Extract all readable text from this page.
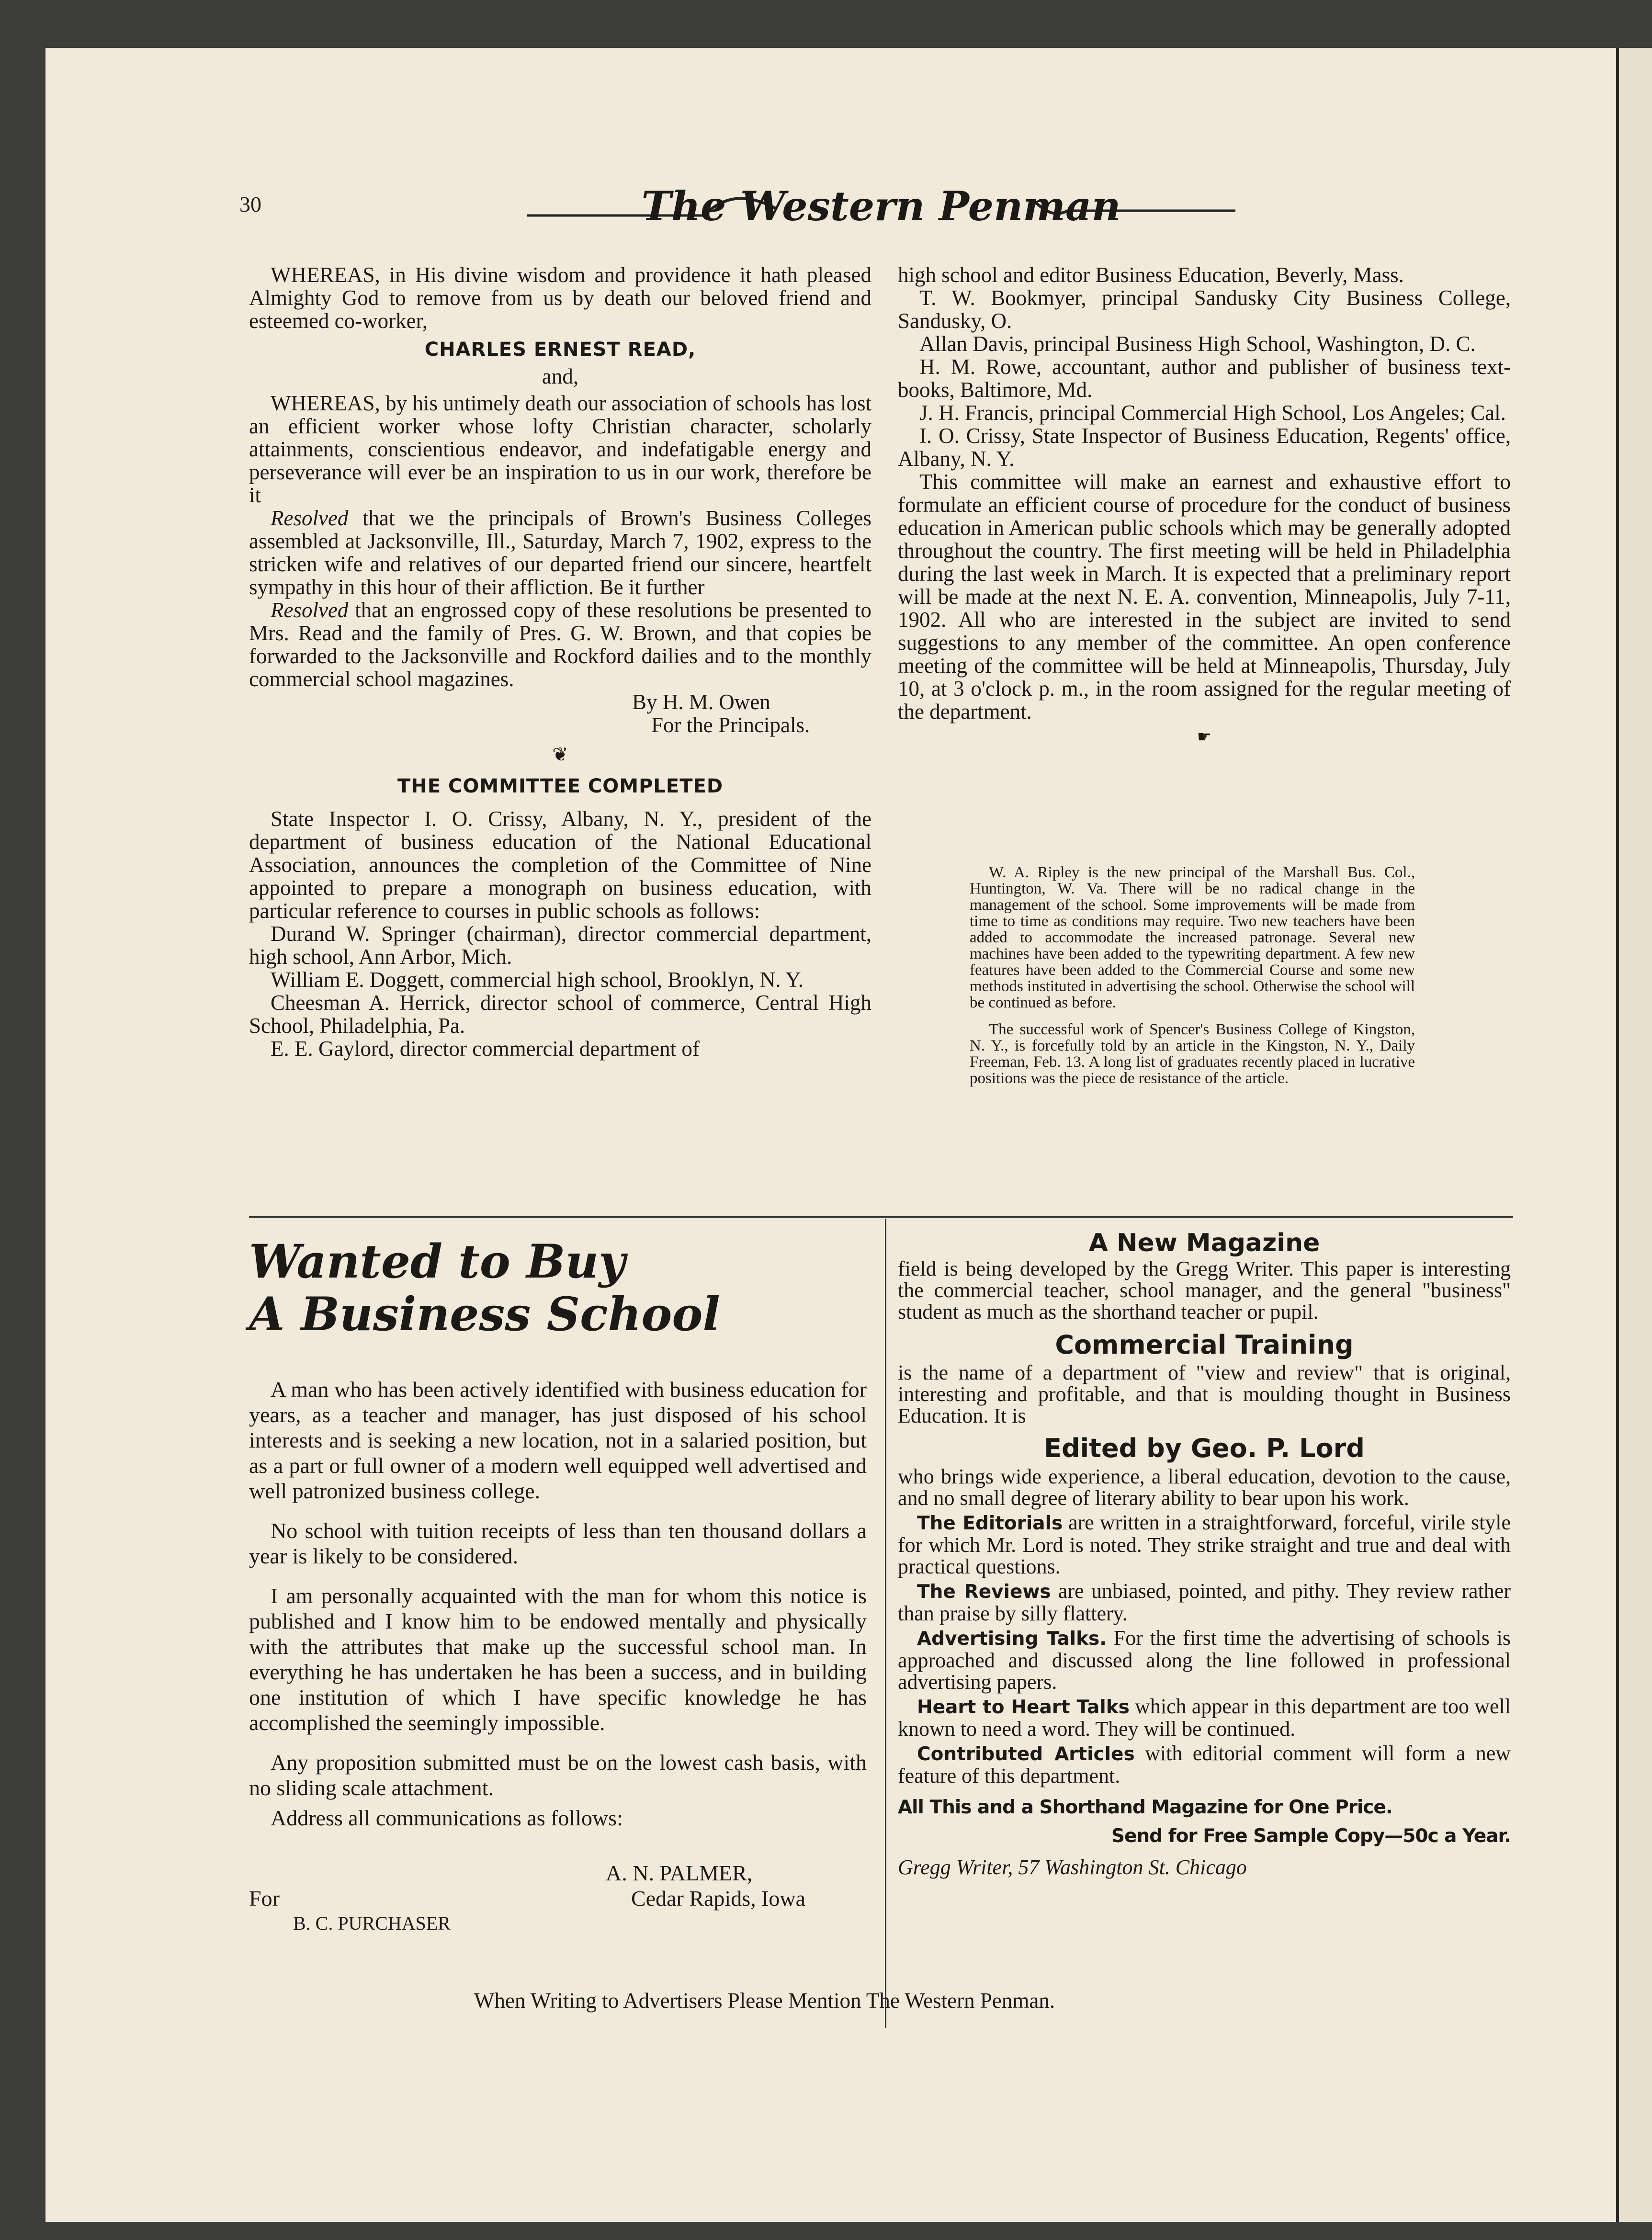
30	The Western Penman

WHEREAS, in His divine wisdom and providence it hath pleased Almighty God to remove from us by death our beloved friend and esteemed co-worker,

CHARLES ERNEST READ,

and,

WHEREAS, by his untimely death our association of schools has lost an efficient worker whose lofty Christian character, scholarly attainments, conscientious endeavor, and indefatigable energy and perseverance will ever be an inspiration to us in our work, therefore be it

Resolved that we the principals of Brown's Business Colleges assembled at Jacksonville, Ill., Saturday, March 7, 1902, express to the stricken wife and relatives of our departed friend our sincere, heartfelt sympathy in this hour of their affliction. Be it further

Resolved that an engrossed copy of these resolutions be presented to Mrs. Read and the family of Pres. G. W. Brown, and that copies be forwarded to the Jacksonville and Rockford dailies and to the monthly commercial school magazines.

By H. M. Owen

For the Principals.

❦

THE COMMITTEE COMPLETED

State Inspector I. O. Crissy, Albany, N. Y., president of the department of business education of the National Educational Association, announces the completion of the Committee of Nine appointed to prepare a monograph on business education, with particular reference to courses in public schools as follows:

Durand W. Springer (chairman), director commercial department, high school, Ann Arbor, Mich.

William E. Doggett, commercial high school, Brooklyn, N. Y.

Cheesman A. Herrick, director school of commerce, Central High School, Philadelphia, Pa.

E. E. Gaylord, director commercial department of

high school and editor Business Education, Beverly, Mass.

T. W. Bookmyer, principal Sandusky City Business College, Sandusky, O.

Allan Davis, principal Business High School, Washington, D. C.

H. M. Rowe, accountant, author and publisher of business text-books, Baltimore, Md.

J. H. Francis, principal Commercial High School, Los Angeles; Cal.

I. O. Crissy, State Inspector of Business Education, Regents' office, Albany, N. Y.

This committee will make an earnest and exhaustive effort to formulate an efficient course of procedure for the conduct of business education in American public schools which may be generally adopted throughout the country. The first meeting will be held in Philadelphia during the last week in March. It is expected that a preliminary report will be made at the next N. E. A. convention, Minneapolis, July 7-11, 1902. All who are interested in the subject are invited to send suggestions to any member of the committee. An open conference meeting of the committee will be held at Minneapolis, Thursday, July 10, at 3 o'clock p. m., in the room assigned for the regular meeting of the department.

☛

W. A. Ripley is the new principal of the Marshall Bus. Col., Huntington, W. Va. There will be no radical change in the management of the school. Some improvements will be made from time to time as conditions may require. Two new teachers have been added to accommodate the increased patronage. Several new machines have been added to the typewriting department. A few new features have been added to the Commercial Course and some new methods instituted in advertising the school. Otherwise the school will be continued as before.

The successful work of Spencer's Business College of Kingston, N. Y., is forcefully told by an article in the Kingston, N. Y., Daily Freeman, Feb. 13. A long list of graduates recently placed in lucrative positions was the piece de resistance of the article.

Wanted to Buy
A Business School

A man who has been actively identified with business education for years, as a teacher and manager, has just disposed of his school interests and is seeking a new location, not in a salaried position, but as a part or full owner of a modern well equipped well advertised and well patronized business college.

No school with tuition receipts of less than ten thousand dollars a year is likely to be considered.

I am personally acquainted with the man for whom this notice is published and I know him to be endowed mentally and physically with the attributes that make up the successful school man. In everything he has undertaken he has been a success, and in building one institution of which I have specific knowledge he has accomplished the seemingly impossible.

Any proposition submitted must be on the lowest cash basis, with no sliding scale attachment.

Address all communications as follows:

A. N. PALMER,
For	Cedar Rapids, Iowa
B. C. PURCHASER

A New Magazine

field is being developed by the Gregg Writer. This paper is interesting the commercial teacher, school manager, and the general "business" student as much as the shorthand teacher or pupil.

Commercial Training

is the name of a department of "view and review" that is original, interesting and profitable, and that is moulding thought in Business Education. It is

Edited by Geo. P. Lord

who brings wide experience, a liberal education, devotion to the cause, and no small degree of literary ability to bear upon his work.

The Editorials are written in a straightforward, forceful, virile style for which Mr. Lord is noted. They strike straight and true and deal with practical questions.

The Reviews are unbiased, pointed, and pithy. They review rather than praise by silly flattery.

Advertising Talks. For the first time the advertising of schools is approached and discussed along the line followed in professional advertising papers.

Heart to Heart Talks which appear in this department are too well known to need a word. They will be continued.

Contributed Articles with editorial comment will form a new feature of this department.

All This and a Shorthand Magazine for One Price.

Send for Free Sample Copy—50c a Year.

Gregg Writer, 57 Washington St. Chicago

When Writing to Advertisers Please Mention The Western Penman.
